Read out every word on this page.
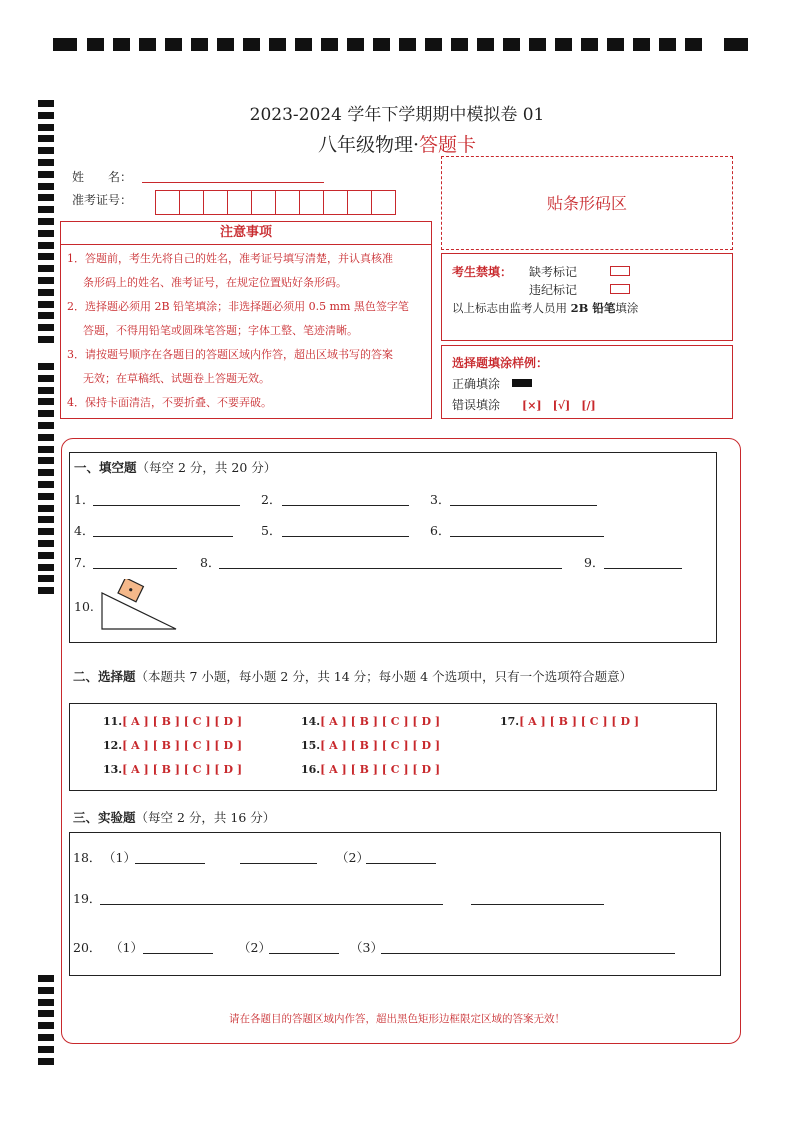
2023-2024 学年下学期期中模拟卷 01
八年级物理·答题卡
姓　　名：
准考证号：	贴条形码区
注意事项
1．答题前，考生先将自己的姓名，准考证号填写清楚，并认真核准
条形码上的姓名、准考证号，在规定位置贴好条形码。
2．选择题必须用 2B 铅笔填涂；非选择题必须用 0.5 mm 黑色签字笔
答题，不得用铅笔或圆珠笔答题；字体工整、笔迹清晰。
3．请按题号顺序在各题目的答题区域内作答，超出区域书写的答案
无效；在草稿纸、试题卷上答题无效。
4．保持卡面清洁，不要折叠、不要弄破。
考生禁填： 缺考标记
违纪标记
以上标志由监考人员用 2B 铅笔填涂
选择题填涂样例：
正确填涂
错误填涂 [×]　[√]　[/]
一、填空题（每空 2 分，共 20 分）
1．	2．	3．
4．	5．	6．
7．	8．	9．
10.
二、选择题（本题共 7 小题，每小题 2 分，共 14 分；每小题 4 个选项中，只有一个选项符合题意）
11.[ A ] [ B ] [ C ] [ D ]
12.[ A ] [ B ] [ C ] [ D ]
13.[ A ] [ B ] [ C ] [ D ]
14.[ A ] [ B ] [ C ] [ D ]
15.[ A ] [ B ] [ C ] [ D ]
16.[ A ] [ B ] [ C ] [ D ]
17.[ A ] [ B ] [ C ] [ D ]
三、实验题（每空 2 分，共 16 分）
18． （1）	（2）
19．
20． （1）	（2）	（3）
请在各题目的答题区域内作答，超出黑色矩形边框限定区域的答案无效！
